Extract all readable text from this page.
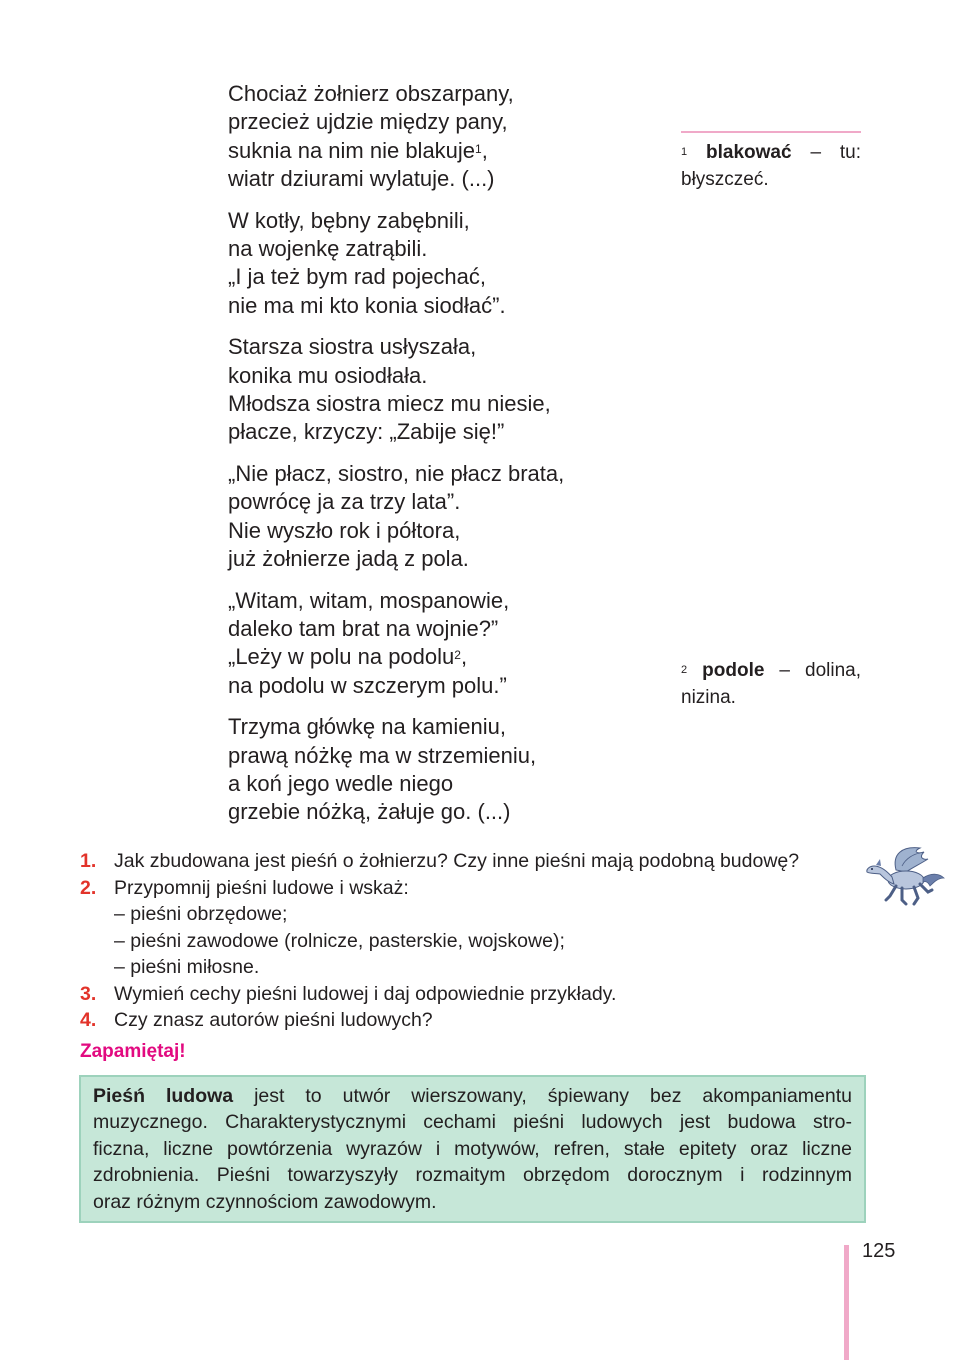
Chociaż żołnierz obszarpany,
przecież ujdzie między pany,
suknia na nim nie blakuje$^1$,
wiatr dziurami wylatuje. (...)
W kotły, bębny zabębnili,
na wojenkę zatrąbili.
„I ja też bym rad pojechać,
nie ma mi kto konia siodłać”.
Starsza siostra usłyszała,
konika mu osiodłała.
Młodsza siostra miecz mu niesie,
płacze, krzyczy: „Zabije się!”
„Nie płacz, siostro, nie płacz brata,
powrócę ja za trzy lata”.
Nie wyszło rok i półtora,
już żołnierze jadą z pola.
„Witam, witam, mospanowie,
daleko tam brat na wojnie?”
„Leży w polu na podolu$^2$,
na podolu w szczerym polu.”
Trzyma główkę na kamieniu,
prawą nóżkę ma w strzemieniu,
a koń jego wedle niego
grzebie nóżką, żałuje go. (...)
$^1$ blakować – tu: błyszczeć.
$^2$ podole – dolina, nizina.
1. Jak zbudowana jest pieśń o żołnierzu? Czy inne pieśni mają podobną budowę?
2. Przypomnij pieśni ludowe i wskaż:
– pieśni obrzędowe;
– pieśni zawodowe (rolnicze, pasterskie, wojskowe);
– pieśni miłosne.
3. Wymień cechy pieśni ludowej i daj odpowiednie przykłady.
4. Czy znasz autorów pieśni ludowych?
Zapamiętaj!
Pieśń ludowa jest to utwór wierszowany, śpiewany bez akompaniamentu
muzycznego. Charakterystycznymi cechami pieśni ludowych jest budowa stro-
ficzna, liczne powtórzenia wyrazów i motywów, refren, stałe epitety oraz liczne
zdrobnienia. Pieśni towarzyszyły rozmaitym obrzędom dorocznym i rodzinnym
oraz różnym czynnościom zawodowym.
125
